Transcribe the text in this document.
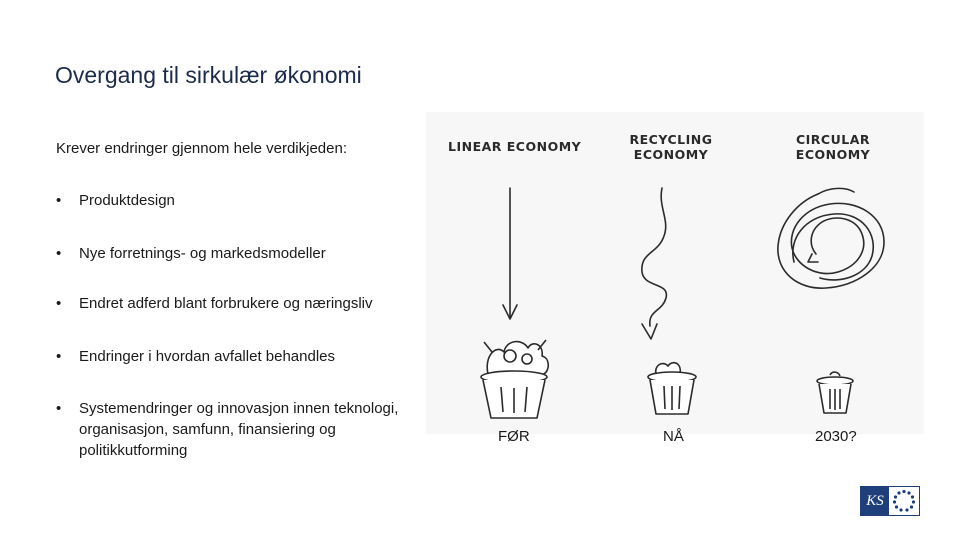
Overgang til sirkulær økonomi
Krever endringer gjennom hele verdikjeden:
•	Produktdesign
•	Nye forretnings- og markedsmodeller
•	Endret adferd blant forbrukere og næringsliv
•	Endringer i hvordan avfallet behandles
•	Systemendringer og innovasjon innen teknologi, organisasjon, samfunn, finansiering og politikkutforming
LINEAR ECONOMY	RECYCLING
ECONOMY
CIRCULAR
ECONOMY
FØR	NÅ	2030?
KS
